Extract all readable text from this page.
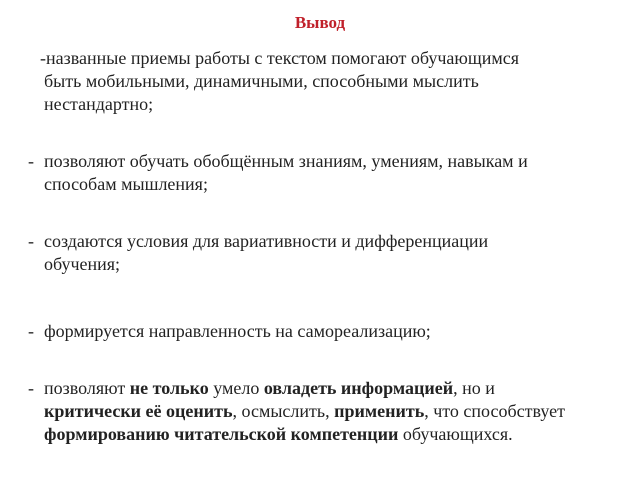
Вывод
-названные приемы работы с текстом помогают обучающимся
быть мобильными, динамичными, способными мыслить
нестандартно;
- позволяют обучать обобщённым знаниям, умениям, навыкам и
способам мышления;
- создаются условия для вариативности и дифференциации
обучения;
- формируется направленность на самореализацию;
- позволяют не только умело овладеть информацией, но и
критически её оценить, осмыслить, применить, что способствует
формированию читательской компетенции обучающихся.
